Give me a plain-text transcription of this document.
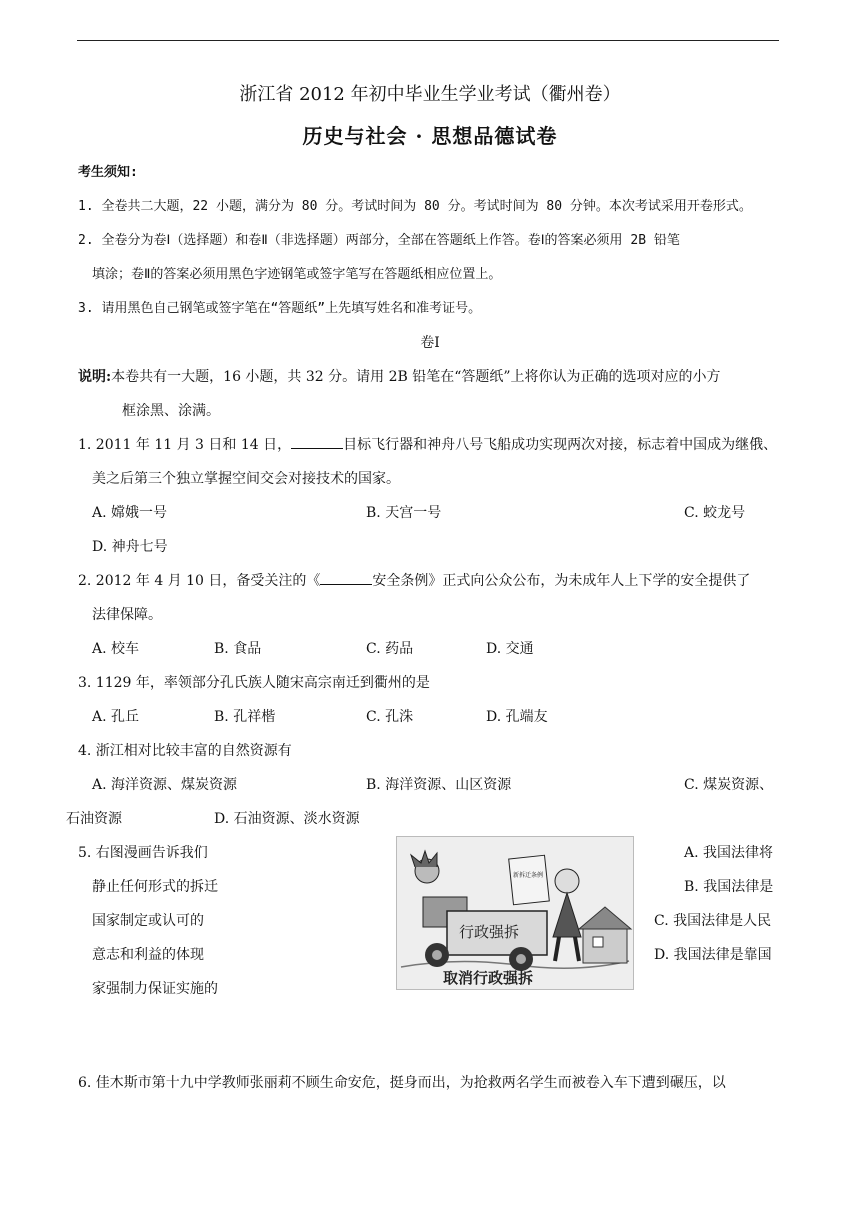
浙江省 2012 年初中毕业生学业考试（衢州卷）
历史与社会 · 思想品德试卷
考生须知:
1. 全卷共二大题，22 小题，满分为 80 分。考试时间为 80 分。考试时间为 80 分钟。本次考试采用开卷形式。
2. 全卷分为卷Ⅰ（选择题）和卷Ⅱ（非选择题）两部分，全部在答题纸上作答。卷Ⅰ的答案必须用 2B 铅笔
填涂；卷Ⅱ的答案必须用黑色字迹钢笔或签字笔写在答题纸相应位置上。
3. 请用黑色自己钢笔或签字笔在“答题纸”上先填写姓名和准考证号。
卷Ⅰ
说明:本卷共有一大题，16 小题，共 32 分。请用 2B 铅笔在“答题纸”上将你认为正确的选项对应的小方
框涂黑、涂满。
1. 2011 年 11 月 3 日和 14 日，	目标飞行器和神舟八号飞船成功实现两次对接，标志着中国成为继俄、
美之后第三个独立掌握空间交会对接技术的国家。
A. 嫦娥一号	B. 天宫一号	C. 蛟龙号
D. 神舟七号
2. 2012 年 4 月 10 日，备受关注的《	安全条例》正式向公众公布，为未成年人上下学的安全提供了
法律保障。
A. 校车	B. 食品	C. 药品	D. 交通
3. 1129 年，率领部分孔氏族人随宋高宗南迁到衢州的是
A. 孔丘	B. 孔祥楷	C. 孔洙	D. 孔端友
4. 浙江相对比较丰富的自然资源有
A. 海洋资源、煤炭资源	B. 海洋资源、山区资源	C. 煤炭资源、
石油资源	D. 石油资源、淡水资源
5. 右图漫画告诉我们
静止任何形式的拆迁
国家制定或认可的
意志和利益的体现
家强制力保证实施的
A. 我国法律将
B. 我国法律是
C. 我国法律是人民
D. 我国法律是靠国
新拆迁条例
行政强拆
取消行政强拆
6. 佳木斯市第十九中学教师张丽莉不顾生命安危，挺身而出，为抢救两名学生而被卷入车下遭到碾压，以
